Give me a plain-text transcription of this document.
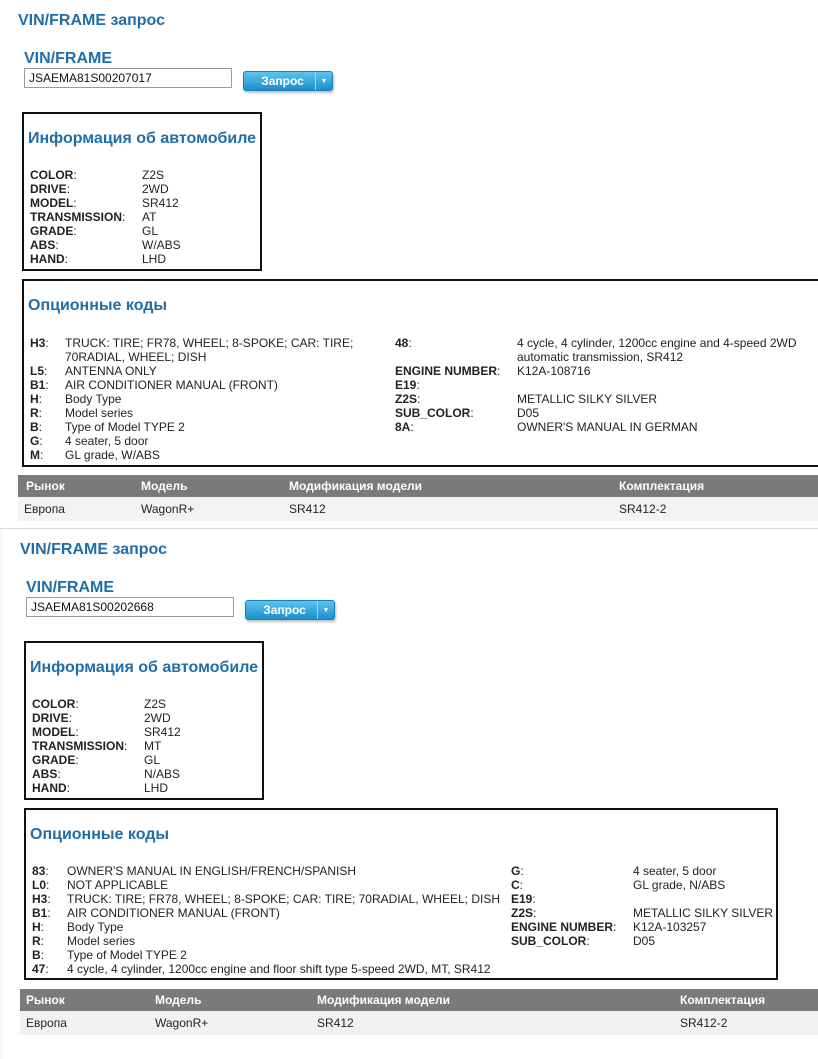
VIN/FRAME запрос
VIN/FRAME
JSAEMA81S00207017
Запрос	▼
Информация об автомобиле
COLOR:	Z2S
DRIVE:	2WD
MODEL:	SR412
TRANSMISSION:	AT
GRADE:	GL
ABS:	W/ABS
HAND:	LHD
Опционные коды
H3:	TRUCK: TIRE; FR78, WHEEL; 8-SPOKE; CAR: TIRE;
70RADIAL, WHEEL; DISH
L5:	ANTENNA ONLY
B1:	AIR CONDITIONER MANUAL (FRONT)
H:	Body Type
R:	Model series
B:	Type of Model TYPE 2
G:	4 seater, 5 door
M:	GL grade, W/ABS
48:	4 cycle, 4 cylinder, 1200cc engine and 4-speed 2WD
automatic transmission, SR412
ENGINE NUMBER:	K12A-108716
E19:
Z2S:	METALLIC SILKY SILVER
SUB_COLOR:	D05
8A:	OWNER'S MANUAL IN GERMAN
Рынок	Модель	Модификация модели	Комплектация
Европа	WagonR+	SR412	SR412-2
VIN/FRAME запрос
VIN/FRAME
JSAEMA81S00202668
Запрос	▼
Информация об автомобиле
COLOR:	Z2S
DRIVE:	2WD
MODEL:	SR412
TRANSMISSION:	MT
GRADE:	GL
ABS:	N/ABS
HAND:	LHD
Опционные коды
83:	OWNER'S MANUAL IN ENGLISH/FRENCH/SPANISH
L0:	NOT APPLICABLE
H3:	TRUCK: TIRE; FR78, WHEEL; 8-SPOKE; CAR: TIRE; 70RADIAL, WHEEL; DISH
B1:	AIR CONDITIONER MANUAL (FRONT)
H:	Body Type
R:	Model series
B:	Type of Model TYPE 2
47:	4 cycle, 4 cylinder, 1200cc engine and floor shift type 5-speed 2WD, MT, SR412
G:	4 seater, 5 door
C:	GL grade, N/ABS
E19:
Z2S:	METALLIC SILKY SILVER
ENGINE NUMBER:	K12A-103257
SUB_COLOR:	D05
Рынок	Модель	Модификация модели	Комплектация
Европа	WagonR+	SR412	SR412-2
